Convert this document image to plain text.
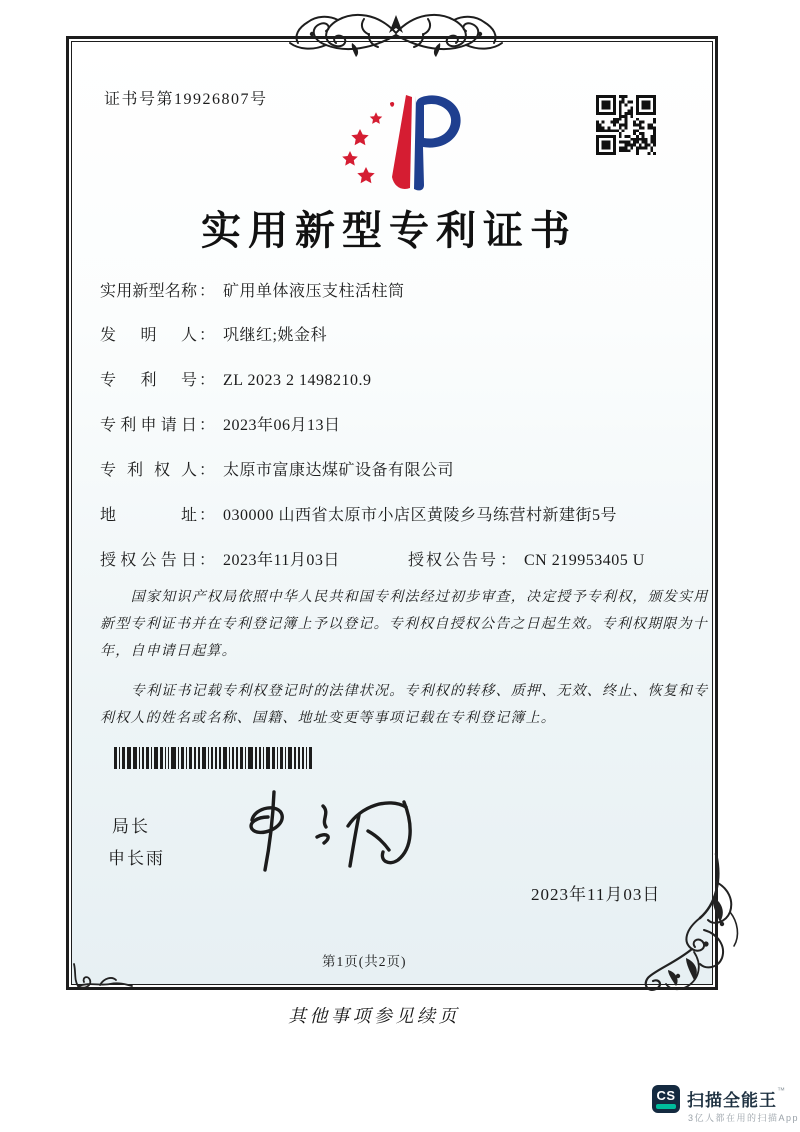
证书号第19926807号
实用新型专利证书
实用新型名称 ： 矿用单体液压支柱活柱筒
发明人 ： 巩继红;姚金科
专利号 ： ZL 2023 2 1498210.9
专利申请日 ： 2023年06月13日
专利权人 ： 太原市富康达煤矿设备有限公司
地址 ： 030000 山西省太原市小店区黄陵乡马练营村新建街5号
授权公告日 ： 2023年11月03日	授权公告号 ： CN 219953405 U

国家知识产权局依照中华人民共和国专利法经过初步审查，决定授予专利权，颁发实用新型专利证书并在专利登记簿上予以登记。专利权自授权公告之日起生效。专利权期限为十年，自申请日起算。

专利证书记载专利权登记时的法律状况。专利权的转移、质押、无效、终止、恢复和专利权人的姓名或名称、国籍、地址变更等事项记载在专利登记簿上。

局长
申长雨
2023年11月03日
第1页(共2页)
其他事项参见续页
CS 扫描全能王™
3亿人都在用的扫描App
